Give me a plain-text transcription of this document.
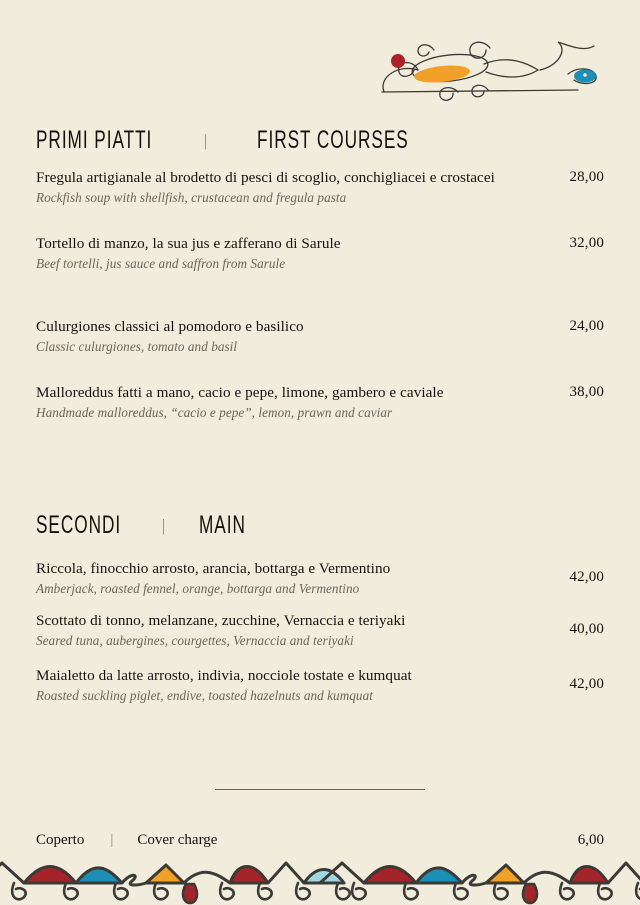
PRIMI PIATTI	| FIRST COURSES
Fregula artigianale al brodetto di pesci di scoglio, conchigliacei e crostacei
Rockfish soup with shellfish, crustacean and fregula pasta
28,00
Tortello di manzo, la sua jus e zafferano di Sarule
Beef tortelli, jus sauce and saffron from Sarule
32,00
Culurgiones classici al pomodoro e basilico
Classic culurgiones, tomato and basil
24,00
Malloreddus fatti a mano, cacio e pepe, limone, gambero e caviale
Handmade malloreddus, “cacio e pepe”, lemon, prawn and caviar
38,00
SECONDI | MAIN
Riccola, finocchio arrosto, arancia, bottarga e Vermentino
Amberjack, roasted fennel, orange, bottarga and Vermentino
42,00
Scottato di tonno, melanzane, zucchine, Vernaccia e teriyaki
Seared tuna, aubergines, courgettes, Vernaccia and teriyaki
40,00
Maialetto da latte arrosto, indivia, nocciole tostate e kumquat
Roasted suckling piglet, endive, toasted hazelnuts and kumquat
42,00
Coperto | Cover charge	6,00
